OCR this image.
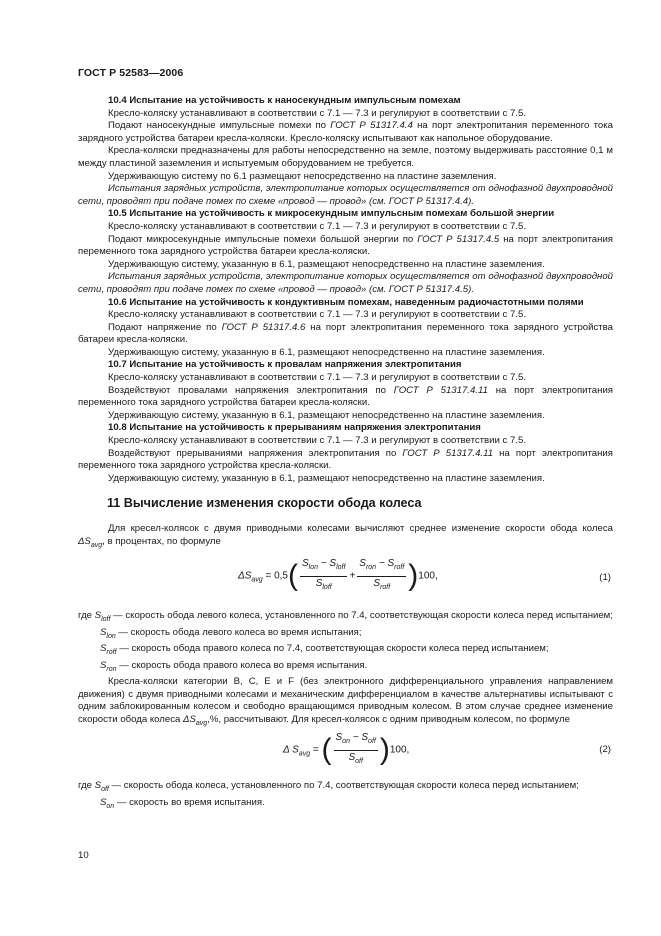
ГОСТ Р 52583—2006

10.4 Испытание на устойчивость к наносекундным импульсным помехам

Кресло-коляску устанавливают в соответствии с 7.1 — 7.3 и регулируют в соответствии с 7.5.

Подают наносекундные импульсные помехи по ГОСТ Р 51317.4.4 на порт электропитания переменного тока зарядного устройства батареи кресла-коляски. Кресло-коляску испытывают как напольное оборудование.

Кресла-коляски предназначены для работы непосредственно на земле, поэтому выдерживать расстояние 0,1 м между пластиной заземления и испытуемым оборудованием не требуется.

Удерживающую систему по 6.1 размещают непосредственно на пластине заземления.

Испытания зарядных устройств, электропитание которых осуществляется от однофазной двухпроводной сети, проводят при подаче помех по схеме «провод — провод» (см. ГОСТ Р 51317.4.4).

10.5 Испытание на устойчивость к микросекундным импульсным помехам большой энергии

Кресло-коляску устанавливают в соответствии с 7.1 — 7.3 и регулируют в соответствии с 7.5.

Подают микросекундные импульсные помехи большой энергии по ГОСТ Р 51317.4.5 на порт электропитания переменного тока зарядного устройства батареи кресла-коляски.

Удерживающую систему, указанную в 6.1, размещают непосредственно на пластине заземления.

Испытания зарядных устройств, электропитание которых осуществляется от однофазной двухпроводной сети, проводят при подаче помех по схеме «провод — провод» (см. ГОСТ Р 51317.4.5).

10.6 Испытание на устойчивость к кондуктивным помехам, наведенным радиочастотными полями

Кресло-коляску устанавливают в соответствии с 7.1 — 7.3 и регулируют в соответствии с 7.5.

Подают напряжение по ГОСТ Р 51317.4.6 на порт электропитания переменного тока зарядного устройства батареи кресла-коляски.

Удерживающую систему, указанную в 6.1, размещают непосредственно на пластине заземления.

10.7 Испытание на устойчивость к провалам напряжения электропитания

Кресло-коляску устанавливают в соответствии с 7.1 — 7.3 и регулируют в соответствии с 7.5.

Воздействуют провалами напряжения электропитания по ГОСТ Р 51317.4.11 на порт электропитания переменного тока зарядного устройства батареи кресла-коляски.

Удерживающую систему, указанную в 6.1, размещают непосредственно на пластине заземления.

10.8 Испытание на устойчивость к прерываниям напряжения электропитания

Кресло-коляску устанавливают в соответствии с 7.1 — 7.3 и регулируют в соответствии с 7.5.

Воздействуют прерываниями напряжения электропитания по ГОСТ Р 51317.4.11 на порт электропитания переменного тока зарядного устройства кресла-коляски.

Удерживающую систему, указанную в 6.1, размещают непосредственно на пластине заземления.

11 Вычисление изменения скорости обода колеса

Для кресел-колясок с двумя приводными колесами вычисляют среднее изменение скорости обода колеса $\Delta S_{avg}$, в процентах, по формуле

$\Delta S_{avg} = 0,5( \frac{S_{lon} - S_{loff}}{S_{loff}} + \frac{S_{ron} - S_{roff}}{S_{roff}} )100$,	(1)

где $S_{loff}$ — скорость обода левого колеса, установленного по 7.4, соответствующая скорости колеса перед испытанием;

$S_{lon}$ — скорость обода левого колеса во время испытания;

$S_{roff}$ — скорость обода правого колеса по 7.4, соответствующая скорости колеса перед испытанием;

$S_{ron}$ — скорость обода правого колеса во время испытания.

Кресла-коляски категории B, C, E и F (без электронного дифференциального управления направлением движения) с двумя приводными колесами и механическим дифференциалом в качестве альтернативы испытывают с одним заблокированным колесом и свободно вращающимся приводным колесом. В этом случае среднее изменение скорости обода колеса $\Delta S_{avg},\%$, рассчитывают. Для кресел-колясок с одним приводным колесом, по формуле

Δ $S_{avg}$ = ( $\frac{S_{on} - S_{off}}{S_{off}} )100$,	(2)

где $S_{off}$ — скорость обода колеса, установленного по 7.4, соответствующая скорости колеса перед испытанием;

$S_{on}$ — скорость во время испытания.

10
